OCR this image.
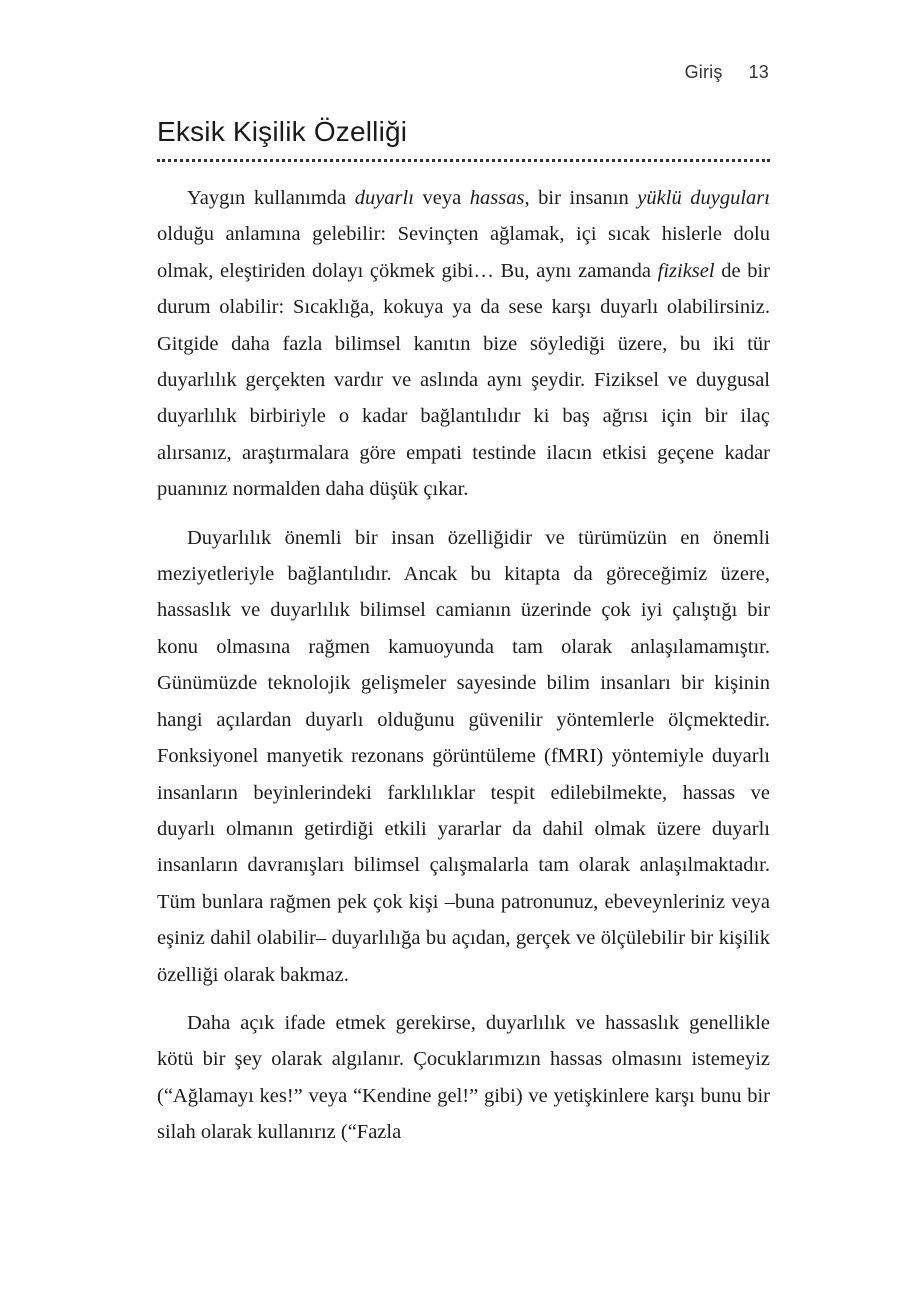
Giriş 13
Eksik Kişilik Özelliği

Yaygın kullanımda duyarlı veya hassas, bir insanın yüklü duyguları olduğu anlamına gelebilir: Sevinçten ağlamak, içi sıcak hislerle dolu olmak, eleştiriden dolayı çökmek gibi… Bu, aynı zamanda fiziksel de bir durum olabilir: Sıcaklığa, kokuya ya da sese karşı duyarlı olabilirsiniz. Gitgide daha fazla bilimsel kanıtın bize söylediği üzere, bu iki tür duyarlılık gerçekten vardır ve aslında aynı şeydir. Fiziksel ve duygusal duyarlılık birbiriyle o kadar bağlantılıdır ki baş ağrısı için bir ilaç alırsanız, araştırmalara göre empati testinde ilacın etkisi geçene kadar puanınız normalden daha düşük çıkar.

Duyarlılık önemli bir insan özelliğidir ve türümüzün en önemli meziyetleriyle bağlantılıdır. Ancak bu kitapta da göreceğimiz üzere, hassaslık ve duyarlılık bilimsel camianın üzerinde çok iyi çalıştığı bir konu olmasına rağmen kamuoyunda tam olarak anlaşılamamıştır. Günümüzde teknolojik gelişmeler sayesinde bilim insanları bir kişinin hangi açılardan duyarlı olduğunu güvenilir yöntemlerle ölçmektedir. Fonksiyonel manyetik rezonans görüntüleme (fMRI) yöntemiyle duyarlı insanların beyinlerindeki farklılıklar tespit edilebilmekte, hassas ve duyarlı olmanın getirdiği etkili yararlar da dahil olmak üzere duyarlı insanların davranışları bilimsel çalışmalarla tam olarak anlaşılmaktadır. Tüm bunlara rağmen pek çok kişi –buna patronunuz, ebeveynleriniz veya eşiniz dahil olabilir– duyarlılığa bu açıdan, gerçek ve ölçülebilir bir kişilik özelliği olarak bakmaz.

Daha açık ifade etmek gerekirse, duyarlılık ve hassaslık genellikle kötü bir şey olarak algılanır. Çocuklarımızın hassas olmasını istemeyiz (“Ağlamayı kes!” veya “Kendine gel!” gibi) ve yetişkinlere karşı bunu bir silah olarak kullanırız (“Fazla
